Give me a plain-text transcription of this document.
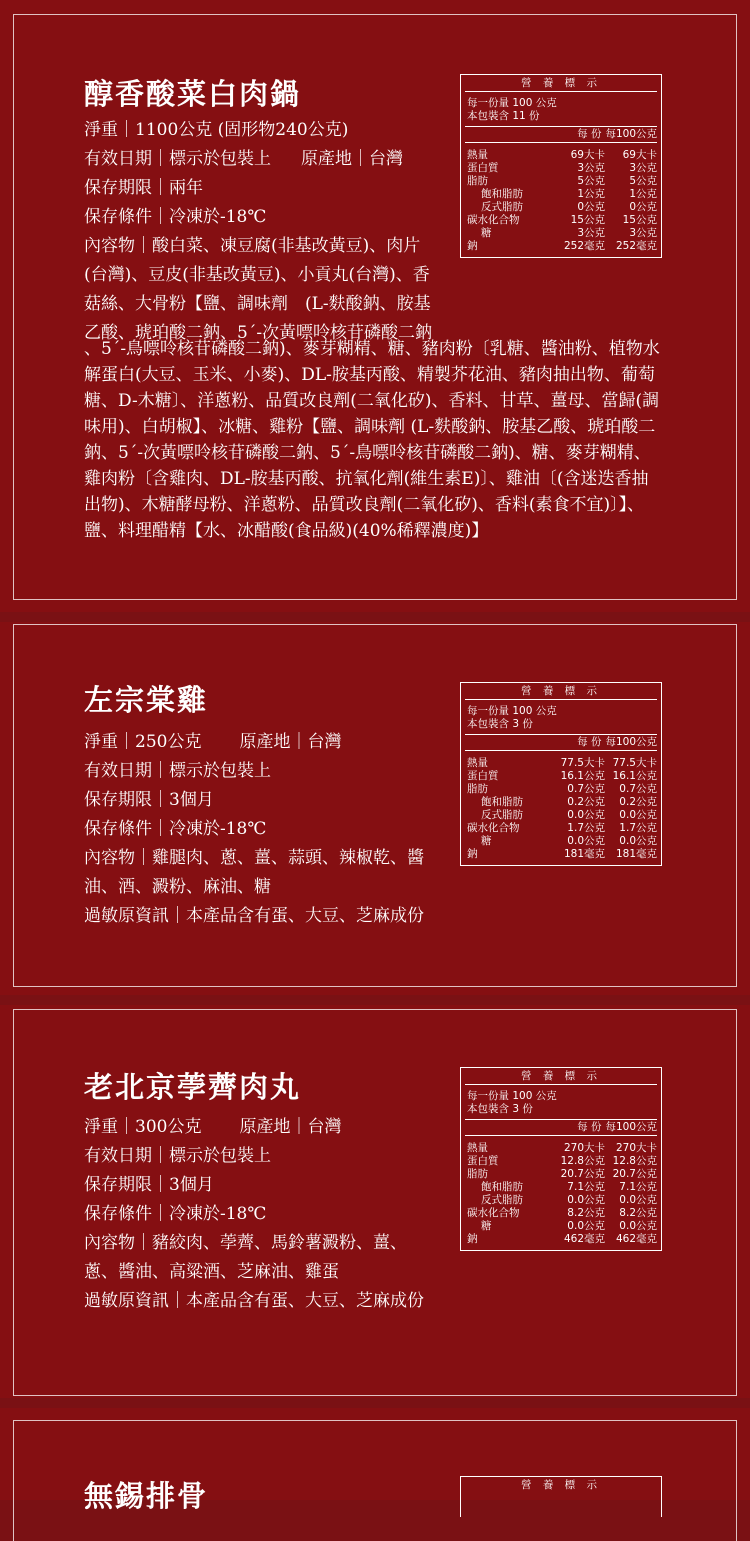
醇香酸菜白肉鍋
淨重｜1100公克 (固形物240公克)
有效日期｜標示於包裝上 原產地｜台灣
保存期限｜兩年
保存條件｜冷凍於-18℃
內容物｜酸白菜、凍豆腐(非基改黃豆)、肉片(台灣)、豆皮(非基改黃豆)、小貢丸(台灣)、香菇絲、大骨粉【鹽、調味劑　(L-麩酸鈉、胺基乙酸、琥珀酸二鈉、5´-次黃嘌呤核苷磷酸二鈉
、5´-鳥嘌呤核苷磷酸二鈉)、麥芽糊精、糖、豬肉粉〔乳糖、醬油粉、植物水解蛋白(大豆、玉米、小麥)、DL-胺基丙酸、精製芥花油、豬肉抽出物、葡萄糖、D-木糖〕、洋蔥粉、品質改良劑(二氧化矽)、香料、甘草、薑母、當歸(調味用)、白胡椒】、冰糖、雞粉【鹽、調味劑 (L-麩酸鈉、胺基乙酸、琥珀酸二鈉、5´-次黃嘌呤核苷磷酸二鈉、5´-鳥嘌呤核苷磷酸二鈉)、糖、麥芽糊精、雞肉粉〔含雞肉、DL-胺基丙酸、抗氧化劑(維生素E)〕、雞油〔(含迷迭香抽出物)、木糖酵母粉、洋蔥粉、品質改良劑(二氧化矽)、香料(素食不宜)〕】、鹽、料理醋精【水、冰醋酸(食品級)(40%稀釋濃度)】
營 養 標 示
每一份量 100 公克
本包裝含 11 份
每 份 每100公克
熱量	69大卡	69大卡
蛋白質	3公克	3公克
脂肪	5公克	5公克
飽和脂肪	1公克	1公克
反式脂肪	0公克	0公克
碳水化合物	15公克	15公克
糖	3公克	3公克
鈉	252毫克	252毫克
左宗棠雞
淨重｜250公克 原產地｜台灣
有效日期｜標示於包裝上
保存期限｜3個月
保存條件｜冷凍於-18℃
內容物｜雞腿肉、蔥、薑、蒜頭、辣椒乾、醬油、酒、澱粉、麻油、糖
過敏原資訊｜本產品含有蛋、大豆、芝麻成份
營 養 標 示
每一份量 100 公克
本包裝含 3 份
每 份 每100公克
熱量	77.5大卡 77.5大卡
蛋白質	16.1公克 16.1公克
脂肪	0.7公克	0.7公克
飽和脂肪	0.2公克	0.2公克
反式脂肪	0.0公克	0.0公克
碳水化合物	1.7公克	1.7公克
糖	0.0公克	0.0公克
鈉	181毫克	181毫克
老北京荸薺肉丸
淨重｜300公克 原產地｜台灣
有效日期｜標示於包裝上
保存期限｜3個月
保存條件｜冷凍於-18℃
內容物｜豬絞肉、荸薺、馬鈴薯澱粉、薑、蔥、醬油、高粱酒、芝麻油、雞蛋
過敏原資訊｜本產品含有蛋、大豆、芝麻成份
營 養 標 示
每一份量 100 公克
本包裝含 3 份
每 份 每100公克
熱量	270大卡	270大卡
蛋白質	12.8公克 12.8公克
脂肪	20.7公克 20.7公克
飽和脂肪	7.1公克	7.1公克
反式脂肪	0.0公克	0.0公克
碳水化合物	8.2公克	8.2公克
糖	0.0公克	0.0公克
鈉	462毫克	462毫克
無錫排骨	營 養 標 示
